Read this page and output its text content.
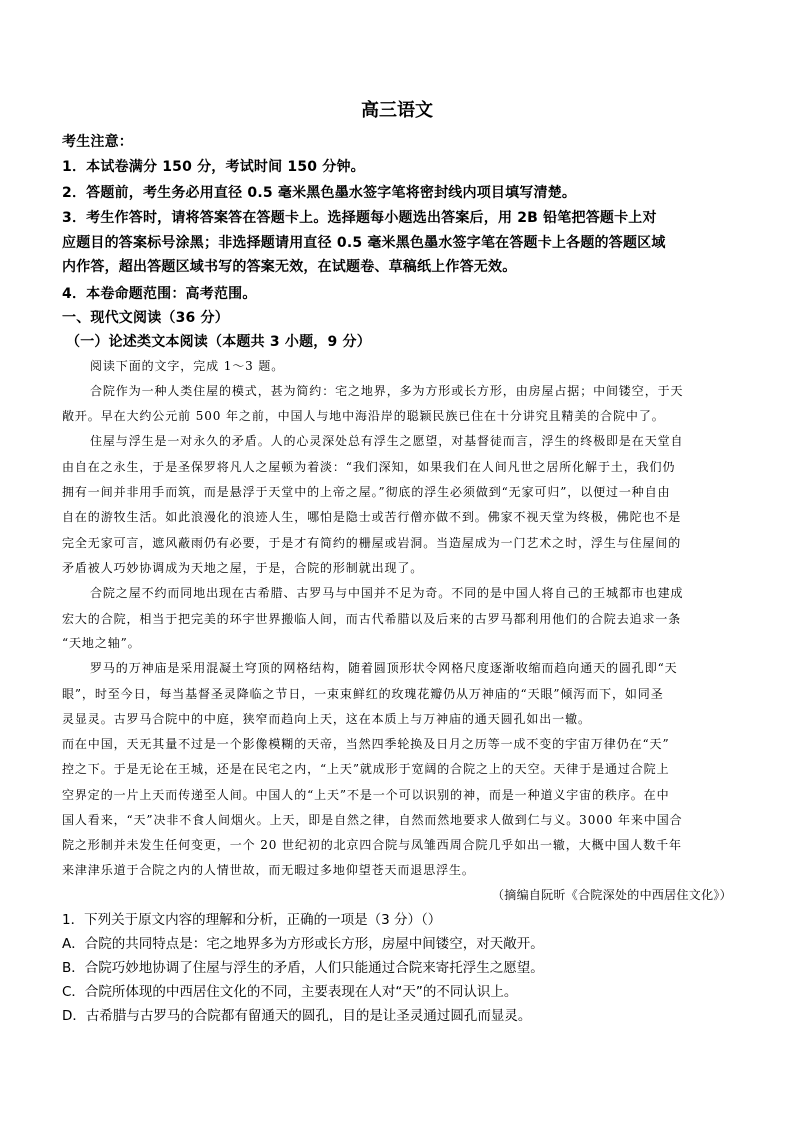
高三语文
考生注意：
1．本试卷满分 150 分，考试时间 150 分钟。
2．答题前，考生务必用直径 0.5 毫米黑色墨水签字笔将密封线内项目填写清楚。
3．考生作答时，请将答案答在答题卡上。选择题每小题选出答案后，用 2B 铅笔把答题卡上对
应题目的答案标号涂黑；非选择题请用直径 0.5 毫米黑色墨水签字笔在答题卡上各题的答题区域
内作答，超出答题区域书写的答案无效，在试题卷、草稿纸上作答无效。
4．本卷命题范围：高考范围。
一、现代文阅读（36 分）
（一）论述类文本阅读（本题共 3 小题，9 分）
阅读下面的文字，完成 1～3 题。
合院作为一种人类住屋的模式，甚为简约：宅之地界，多为方形或长方形，由房屋占据；中间镂空，于天
敞开。早在大约公元前 500 年之前，中国人与地中海沿岸的聪颖民族已住在十分讲究且精美的合院中了。
住屋与浮生是一对永久的矛盾。人的心灵深处总有浮生之愿望，对基督徒而言，浮生的终极即是在天堂自
由自在之永生，于是圣保罗将凡人之屋顿为着淡：“我们深知，如果我们在人间凡世之居所化解于土，我们仍
拥有一间并非用手而筑，而是悬浮于天堂中的上帝之屋。”彻底的浮生必须做到“无家可归”，以便过一种自由
自在的游牧生活。如此浪漫化的浪迹人生，哪怕是隐士或苦行僧亦做不到。佛家不视天堂为终极，佛陀也不是
完全无家可言，遮风蔽雨仍有必要，于是才有简约的栅屋或岩洞。当造屋成为一门艺术之时，浮生与住屋间的
矛盾被人巧妙协调成为天地之屋，于是，合院的形制就出现了。
合院之屋不约而同地出现在古希腊、古罗马与中国并不足为奇。不同的是中国人将自己的王城都市也建成
宏大的合院，相当于把完美的环宇世界搬临人间，而古代希腊以及后来的古罗马都利用他们的合院去追求一条
“天地之轴”。
罗马的万神庙是采用混凝土穹顶的网格结构，随着圆顶形状令网格尺度逐渐收缩而趋向通天的圆孔即“天
眼”，时至今日，每当基督圣灵降临之节日，一束束鲜红的玫瑰花瓣仍从万神庙的“天眼”倾泻而下，如同圣
灵显灵。古罗马合院中的中庭，狭窄而趋向上天，这在本质上与万神庙的通天圆孔如出一辙。
而在中国，天无其量不过是一个影像模糊的天帝，当然四季轮换及日月之历等一成不变的宇宙万律仍在“天”
控之下。于是无论在王城，还是在民宅之内，“上天”就成形于宽阔的合院之上的天空。天律于是通过合院上
空界定的一片上天而传递至人间。中国人的“上天”不是一个可以识别的神，而是一种道义宇宙的秩序。在中
国人看来，“天”决非不食人间烟火。上天，即是自然之律，自然而然地要求人做到仁与义。3000 年来中国合
院之形制并未发生任何变更，一个 20 世纪初的北京四合院与凤雏西周合院几乎如出一辙，大概中国人数千年
来津津乐道于合院之内的人情世故，而无暇过多地仰望苍天而退思浮生。
（摘编自阮昕《合院深处的中西居住文化》）
1．下列关于原文内容的理解和分析，正确的一项是（3 分）（）
A．合院的共同特点是：宅之地界多为方形或长方形，房屋中间镂空，对天敞开。
B．合院巧妙地协调了住屋与浮生的矛盾，人们只能通过合院来寄托浮生之愿望。
C．合院所体现的中西居住文化的不同，主要表现在人对“天”的不同认识上。
D．古希腊与古罗马的合院都有留通天的圆孔，目的是让圣灵通过圆孔而显灵。
